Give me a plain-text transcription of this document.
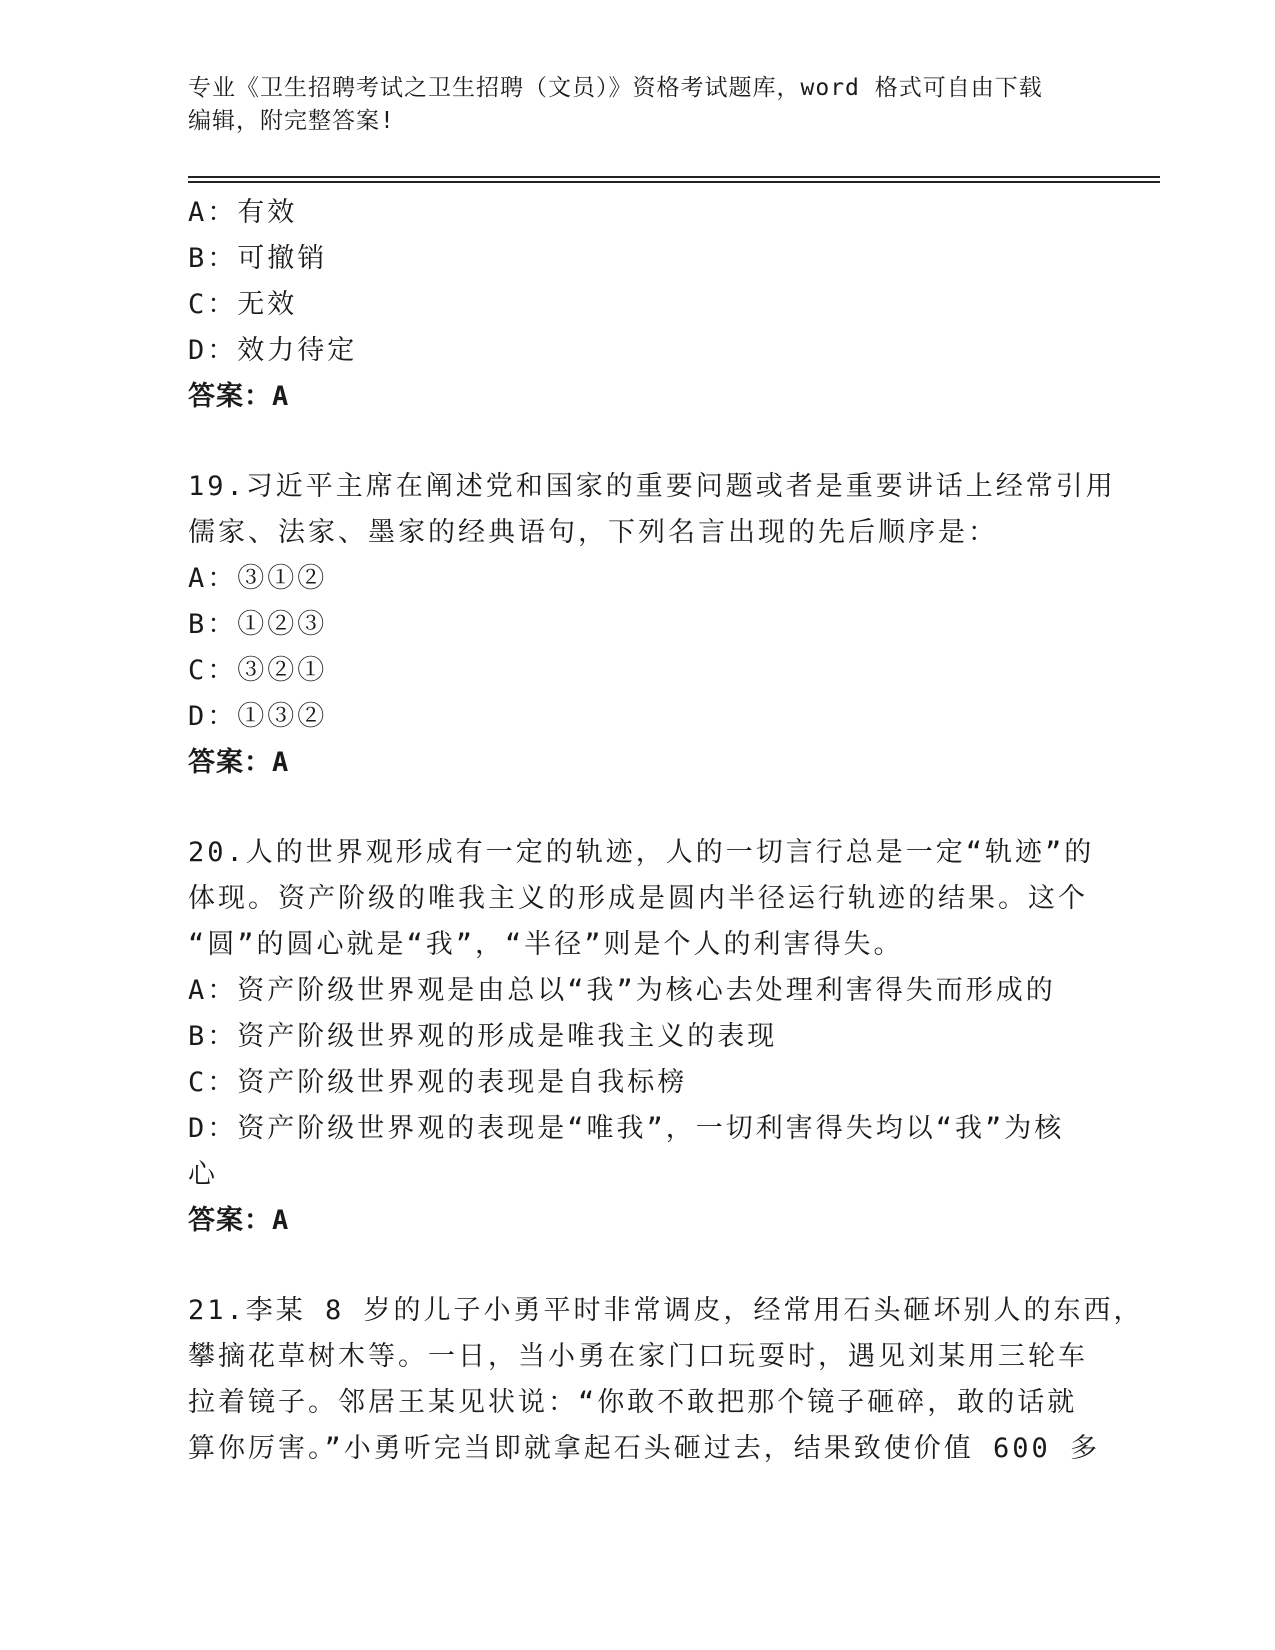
专业《卫生招聘考试之卫生招聘（文员）》资格考试题库，word 格式可自由下载
编辑，附完整答案!
A：有效
B：可撤销
C：无效
D：效力待定
答案：A
19.习近平主席在阐述党和国家的重要问题或者是重要讲话上经常引用
儒家、法家、墨家的经典语句，下列名言出现的先后顺序是：
A：③①②
B：①②③
C：③②①
D：①③②
答案：A
20.人的世界观形成有一定的轨迹，人的一切言行总是一定“轨迹”的
体现。资产阶级的唯我主义的形成是圆内半径运行轨迹的结果。这个
“圆”的圆心就是“我”，“半径”则是个人的利害得失。
A：资产阶级世界观是由总以“我”为核心去处理利害得失而形成的
B：资产阶级世界观的形成是唯我主义的表现
C：资产阶级世界观的表现是自我标榜
D：资产阶级世界观的表现是“唯我”，一切利害得失均以“我”为核
心
答案：A
21.李某 8 岁的儿子小勇平时非常调皮，经常用石头砸坏别人的东西，
攀摘花草树木等。一日，当小勇在家门口玩耍时，遇见刘某用三轮车
拉着镜子。邻居王某见状说：“你敢不敢把那个镜子砸碎，敢的话就
算你厉害。”小勇听完当即就拿起石头砸过去，结果致使价值 600 多
